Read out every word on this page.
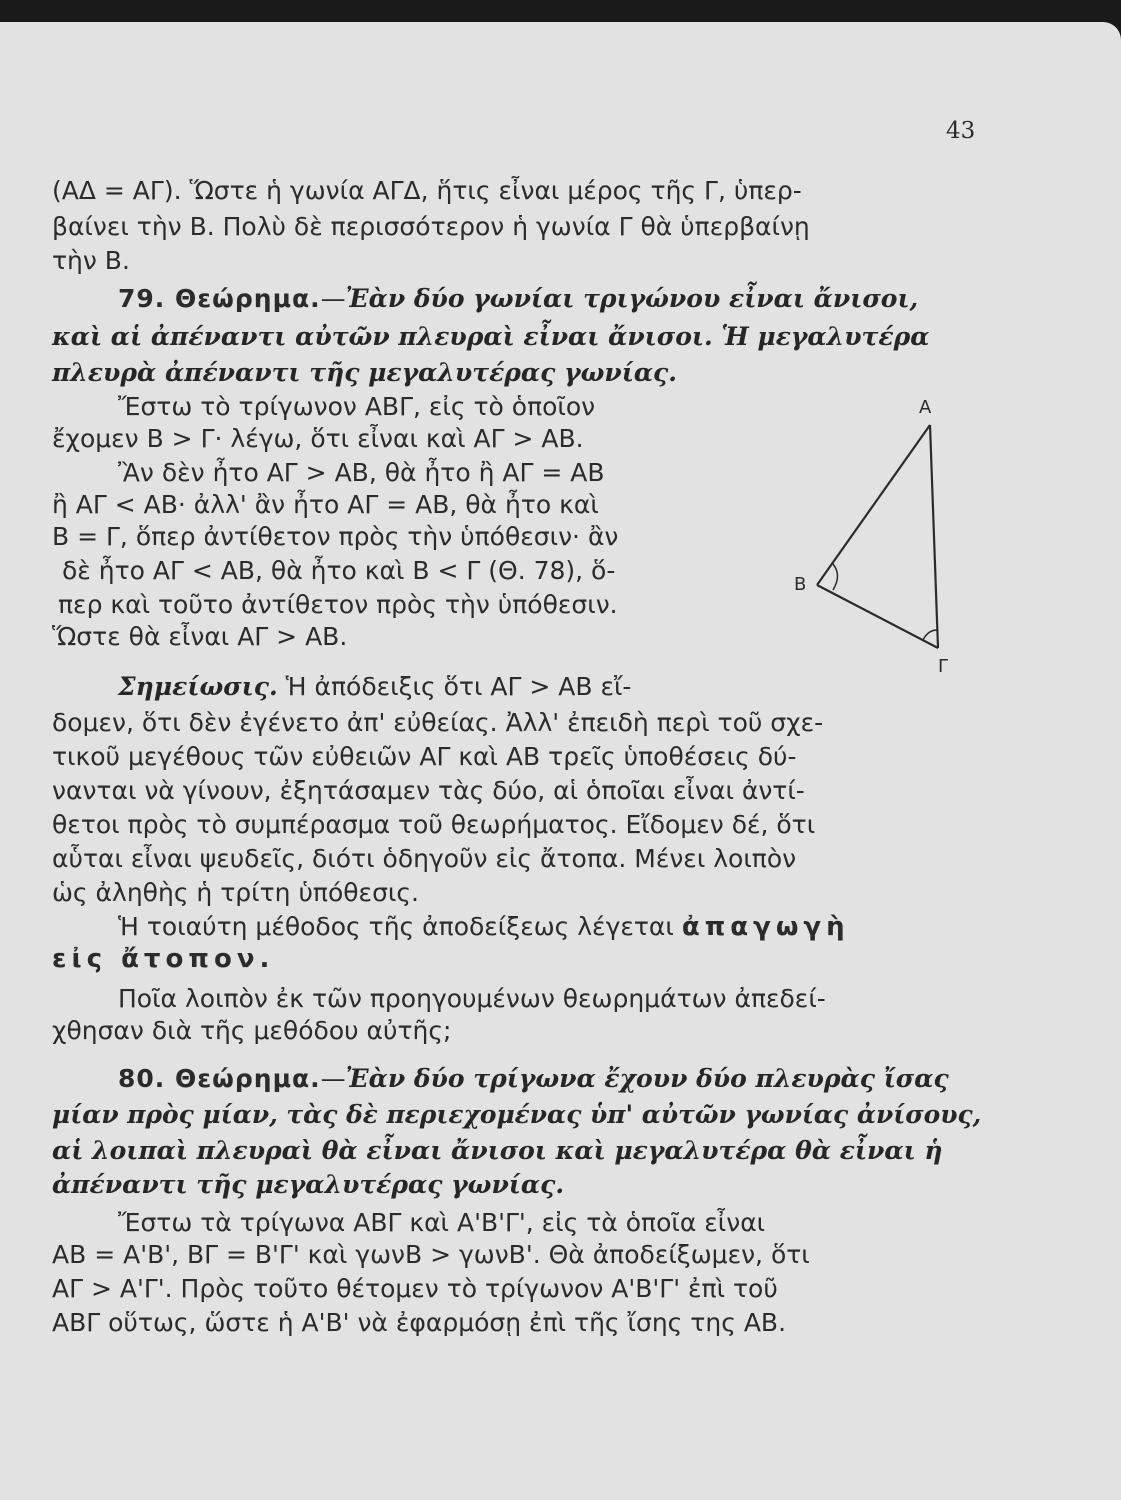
43
(ΑΔ = ΑΓ). Ὥστε ἡ γωνία ΑΓΔ, ἥτις εἶναι μέρος τῆς Γ, ὑπερ-
βαίνει τὴν Β. Πολὺ δὲ περισσότερον ἡ γωνία Γ θὰ ὑπερβαίνῃ
τὴν Β.
79. Θεώρημα.—Ἐὰν δύο γωνίαι τριγώνου εἶναι ἄνισοι,
καὶ αἱ ἀπέναντι αὐτῶν πλευραὶ εἶναι ἄνισοι. Ἡ μεγαλυτέρα
πλευρὰ ἀπέναντι τῆς μεγαλυτέρας γωνίας.
Ἔστω τὸ τρίγωνον ΑΒΓ, εἰς τὸ ὁποῖον
ἔχομεν Β > Γ· λέγω, ὅτι εἶναι καὶ ΑΓ > ΑΒ.
Ἂν δὲν ἦτο ΑΓ > ΑΒ, θὰ ἦτο ἢ ΑΓ = ΑΒ
ἢ ΑΓ < ΑΒ· ἀλλ' ἂν ἦτο ΑΓ = ΑΒ, θὰ ἦτο καὶ
Β = Γ, ὅπερ ἀντίθετον πρὸς τὴν ὑπόθεσιν· ἂν
δὲ ἦτο ΑΓ < ΑΒ, θὰ ἦτο καὶ Β < Γ (Θ. 78), ὅ-
περ καὶ τοῦτο ἀντίθετον πρὸς τὴν ὑπόθεσιν.
Ὥστε θὰ εἶναι ΑΓ > ΑΒ.
Α
Β
Γ
Σημείωσις. Ἡ ἀπόδειξις ὅτι ΑΓ > ΑΒ εἴ-
δομεν, ὅτι δὲν ἐγένετο ἀπ' εὐθείας. Ἀλλ' ἐπειδὴ περὶ τοῦ σχε-
τικοῦ μεγέθους τῶν εὐθειῶν ΑΓ καὶ ΑΒ τρεῖς ὑποθέσεις δύ-
νανται νὰ γίνουν, ἐξητάσαμεν τὰς δύο, αἱ ὁποῖαι εἶναι ἀντί-
θετοι πρὸς τὸ συμπέρασμα τοῦ θεωρήματος. Εἴδομεν δέ, ὅτι
αὗται εἶναι ψευδεῖς, διότι ὁδηγοῦν εἰς ἄτοπα. Μένει λοιπὸν
ὡς ἀληθὴς ἡ τρίτη ὑπόθεσις.
Ἡ τοιαύτη μέθοδος τῆς ἀποδείξεως λέγεται ἀπαγωγὴ
εἰς ἄτοπον.
Ποῖα λοιπὸν ἐκ τῶν προηγουμένων θεωρημάτων ἀπεδεί-
χθησαν διὰ τῆς μεθόδου αὐτῆς;
80. Θεώρημα.—Ἐὰν δύο τρίγωνα ἔχουν δύο πλευρὰς ἴσας
μίαν πρὸς μίαν, τὰς δὲ περιεχομένας ὑπ' αὐτῶν γωνίας ἀνίσους,
αἱ λοιπαὶ πλευραὶ θὰ εἶναι ἄνισοι καὶ μεγαλυτέρα θὰ εἶναι ἡ
ἀπέναντι τῆς μεγαλυτέρας γωνίας.
Ἔστω τὰ τρίγωνα ΑΒΓ καὶ Α'Β'Γ', εἰς τὰ ὁποῖα εἶναι
ΑΒ = Α'Β', ΒΓ = Β'Γ' καὶ γωνΒ > γωνΒ'. Θὰ ἀποδείξωμεν, ὅτι
ΑΓ > Α'Γ'. Πρὸς τοῦτο θέτομεν τὸ τρίγωνον Α'Β'Γ' ἐπὶ τοῦ
ΑΒΓ οὕτως, ὥστε ἡ Α'Β' νὰ ἐφαρμόσῃ ἐπὶ τῆς ἴσης της ΑΒ.
